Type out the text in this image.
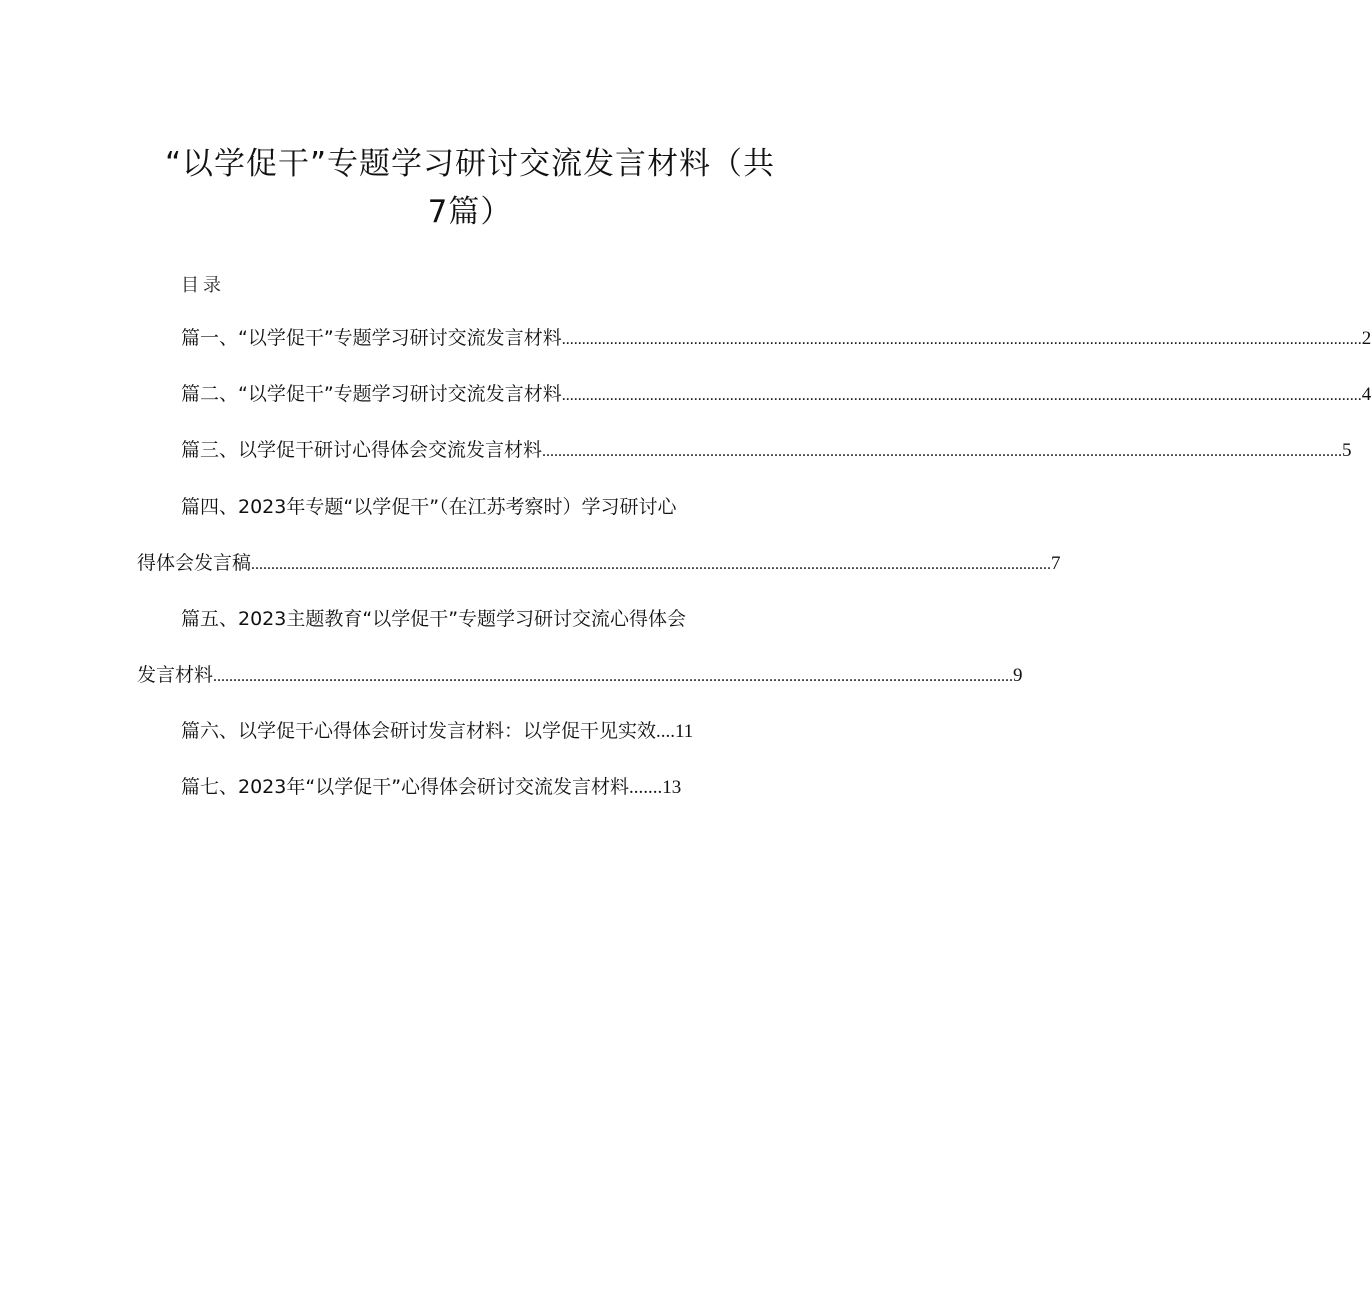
“以学促干”专题学习研讨交流发言材料（共
7篇）
目录
篇一、“以学促干”专题学习研讨交流发言材料 ........................................................................................................................................................................................................ 2
篇二、“以学促干”专题学习研讨交流发言材料 ........................................................................................................................................................................................................ 4
篇三、以学促干研讨心得体会交流发言材料 ........................................................................................................................................................................................................ 5
篇四、2023年专题“以学促干”（在江苏考察时）学习研讨心
得体会发言稿 ........................................................................................................................................................................................................ 7
篇五、2023主题教育“以学促干”专题学习研讨交流心得体会
发言材料 ........................................................................................................................................................................................................ 9
篇六、以学促干心得体会研讨发言材料：以学促干见实效....11
篇七、2023年“以学促干”心得体会研讨交流发言材料.......13
